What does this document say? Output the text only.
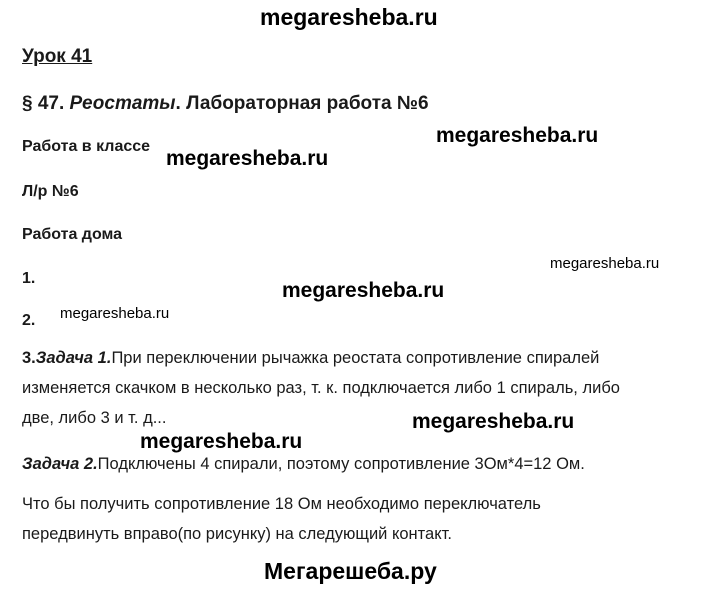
megaresheba.ru
Урок 41
§ 47. Реостаты. Лабораторная работа №6
megaresheba.ru
Работа в классе
megaresheba.ru
Л/р №6
Работа дома
megaresheba.ru
1.
megaresheba.ru
2. megaresheba.ru
3.Задача 1.При переключении рычажка реостата сопротивление спиралей
изменяется скачком в несколько раз, т. к. подключается либо 1 спираль, либо
две, либо 3 и т. д...	megaresheba.ru
megaresheba.ru
Задача 2.Подключены 4 спирали, поэтому сопротивление 3Ом*4=12 Ом.
Что бы получить сопротивление 18 Ом необходимо переключатель
передвинуть вправо(по рисунку) на следующий контакт.
Мегарешеба.ру
